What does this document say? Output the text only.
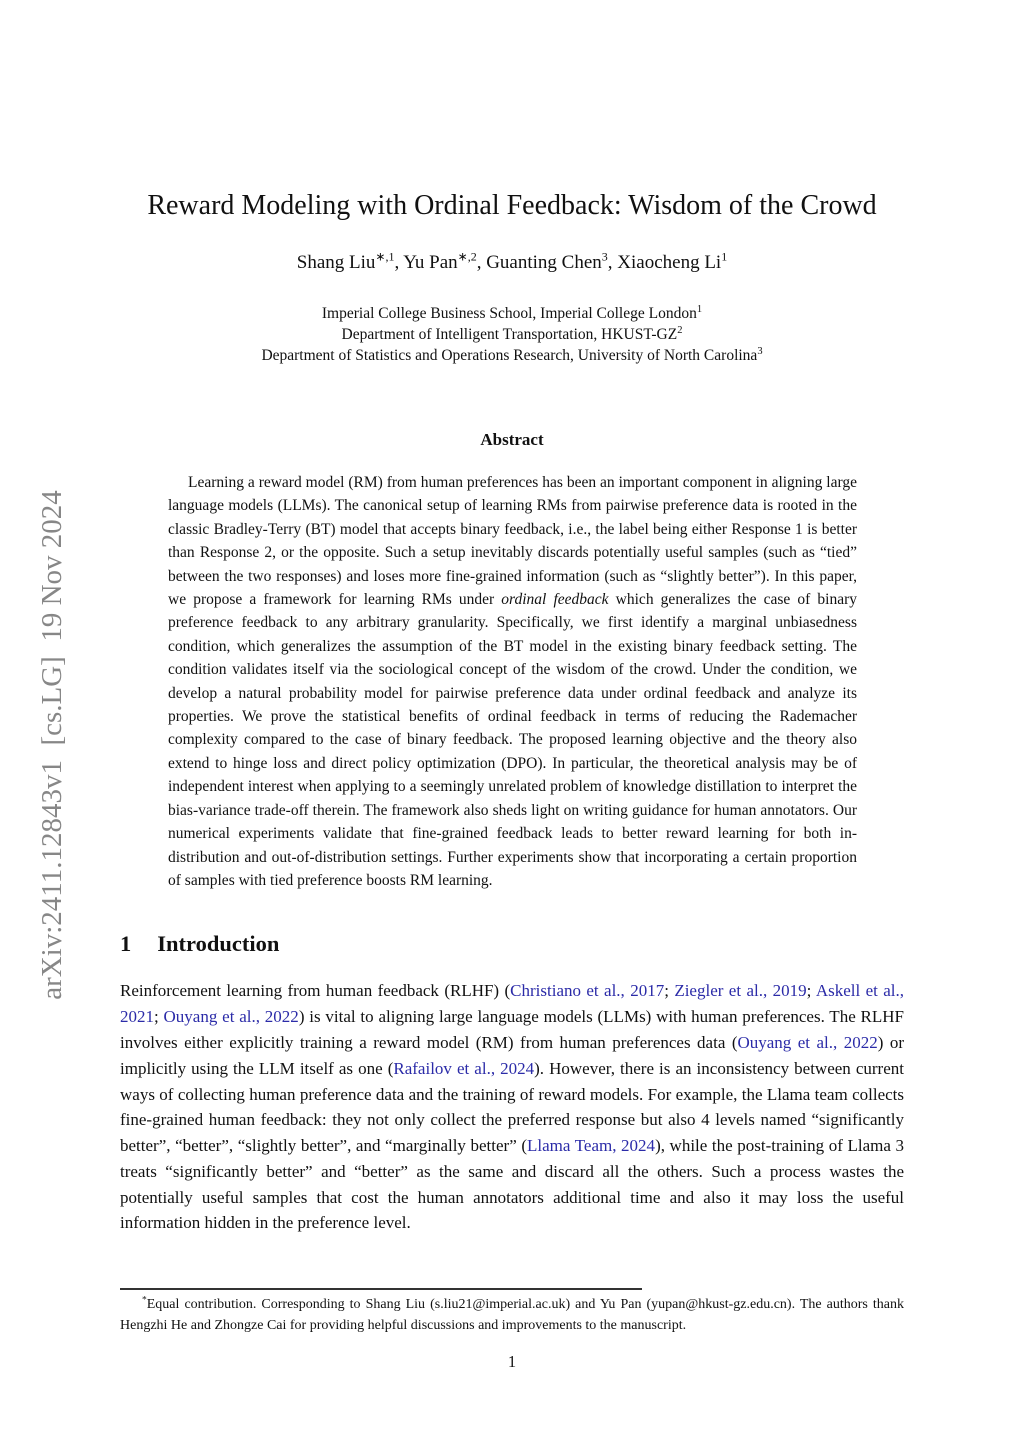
arXiv:2411.12843v1  [cs.LG]  19 Nov 2024
Reward Modeling with Ordinal Feedback: Wisdom of the Crowd
Shang Liu$^{∗,1}$, Yu Pan$^{∗,2}$, Guanting Chen$^3$, Xiaocheng Li$^1$
Imperial College Business School, Imperial College London$^1$
Department of Intelligent Transportation, HKUST-$GZ^2$
Department of Statistics and Operations Research, University of North Carolina$^3$
Abstract
Learning a reward model (RM) from human preferences has been an important component in aligning large language models (LLMs). The canonical setup of learning RMs from pairwise preference data is rooted in the classic Bradley-Terry (BT) model that accepts binary feedback, i.e., the label being either Response 1 is better than Response 2, or the opposite. Such a setup inevitably discards potentially useful samples (such as “tied” between the two responses) and loses more fine-grained information (such as “slightly better”). In this paper, we propose a framework for learning RMs under ordinal feedback which generalizes the case of binary preference feedback to any arbitrary granularity. Specifically, we first identify a marginal unbiasedness condition, which generalizes the assumption of the BT model in the existing binary feedback setting. The condition validates itself via the sociological concept of the wisdom of the crowd. Under the condition, we develop a natural probability model for pairwise preference data under ordinal feedback and analyze its properties. We prove the statistical benefits of ordinal feedback in terms of reducing the Rademacher complexity compared to the case of binary feedback. The proposed learning objective and the theory also extend to hinge loss and direct policy optimization (DPO). In particular, the theoretical analysis may be of independent interest when applying to a seemingly unrelated problem of knowledge distillation to interpret the bias-variance trade-off therein. The framework also sheds light on writing guidance for human annotators. Our numerical experiments validate that fine-grained feedback leads to better reward learning for both in-distribution and out-of-distribution settings. Further experiments show that incorporating a certain proportion of samples with tied preference boosts RM learning.
1 Introduction
Reinforcement learning from human feedback (RLHF) (Christiano et al., 2017; Ziegler et al., 2019; Askell et al., 2021; Ouyang et al., 2022) is vital to aligning large language models (LLMs) with human preferences. The RLHF involves either explicitly training a reward model (RM) from human preferences data (Ouyang et al., 2022) or implicitly using the LLM itself as one (Rafailov et al., 2024). However, there is an inconsistency between current ways of collecting human preference data and the training of reward models. For example, the Llama team collects fine-grained human feedback: they not only collect the preferred response but also 4 levels named “significantly better”, “better”, “slightly better”, and “marginally better” (Llama Team, 2024), while the post-training of Llama 3 treats “significantly better” and “better” as the same and discard all the others. Such a process wastes the potentially useful samples that cost the human annotators additional time and also it may loss the useful information hidden in the preference level.
*Equal contribution. Corresponding to Shang Liu (s.liu21@imperial.ac.uk) and Yu Pan (yupan@hkust-gz.edu.cn). The authors thank Hengzhi He and Zhongze Cai for providing helpful discussions and improvements to the manuscript.
1
